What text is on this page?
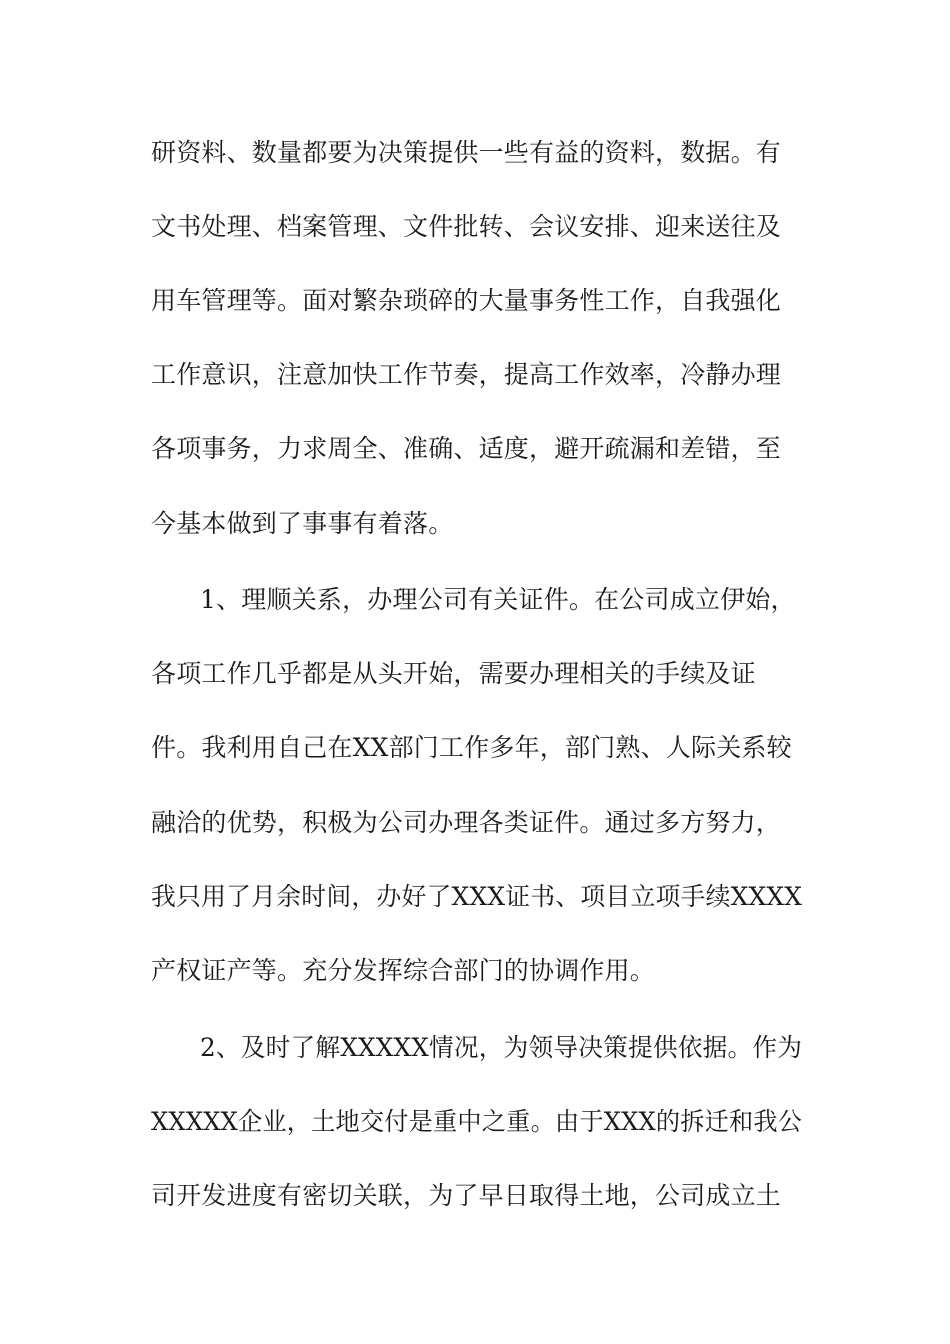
研资料、数量都要为决策提供一些有益的资料，数据。有
文书处理、档案管理、文件批转、会议安排、迎来送往及
用车管理等。面对繁杂琐碎的大量事务性工作，自我强化
工作意识，注意加快工作节奏，提高工作效率，冷静办理
各项事务，力求周全、准确、适度，避开疏漏和差错，至
今基本做到了事事有着落。
1、理顺关系，办理公司有关证件。在公司成立伊始，
各项工作几乎都是从头开始，需要办理相关的手续及证
件。我利用自己在XX部门工作多年，部门熟、人际关系较
融洽的优势，积极为公司办理各类证件。通过多方努力，
我只用了月余时间，办好了XXX证书、项目立项手续XXXX
产权证产等。充分发挥综合部门的协调作用。
2、及时了解XXXXX情况，为领导决策提供依据。作为
XXXXX企业，土地交付是重中之重。由于XXX的拆迁和我公
司开发进度有密切关联，为了早日取得土地，公司成立土
